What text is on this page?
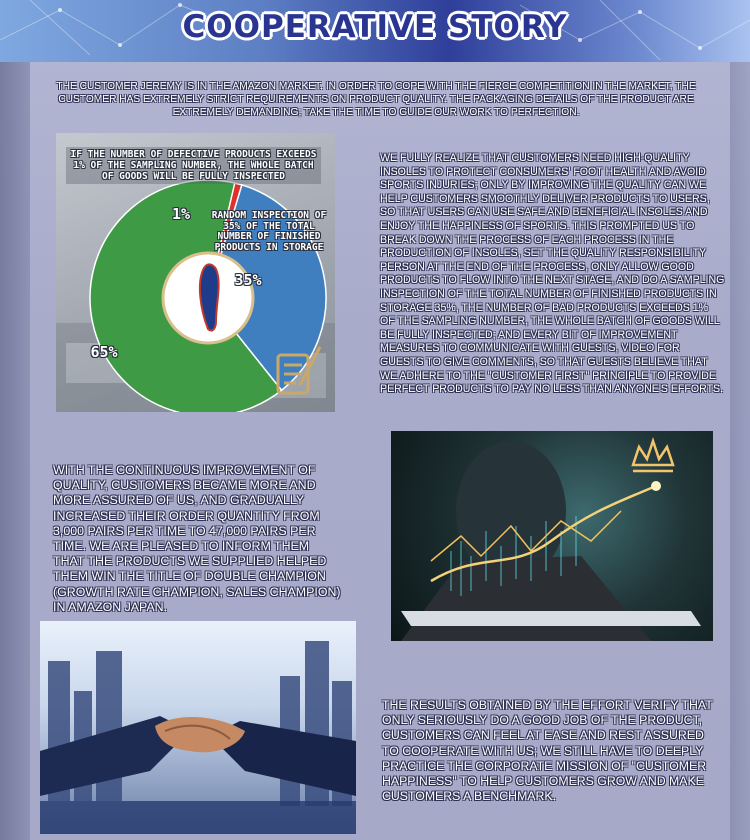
COOPERATIVE STORY
THE CUSTOMER JEREMY IS IN THE AMAZON MARKET. IN ORDER TO COPE WITH THE FIERCE COMPETITION IN THE MARKET, THE CUSTOMER HAS EXTREMELY STRICT REQUIREMENTS ON PRODUCT QUALITY. THE PACKAGING DETAILS OF THE PRODUCT ARE EXTREMELY DEMANDING; TAKE THE TIME TO GUIDE OUR WORK TO PERFECTION.
1%
35%
65%
IF THE NUMBER OF DEFECTIVE PRODUCTS EXCEEDS 1% OF THE SAMPLING NUMBER, THE WHOLE BATCH OF GOODS WILL BE FULLY INSPECTED
RANDOM INSPECTION OF 35% OF THE TOTAL NUMBER OF FINISHED PRODUCTS IN STORAGE
WE FULLY REALIZE THAT CUSTOMERS NEED HIGH-QUALITY INSOLES TO PROTECT CONSUMERS' FOOT HEALTH AND AVOID SPORTS INJURIES; ONLY BY IMPROVING THE QUALITY CAN WE HELP CUSTOMERS SMOOTHLY DELIVER PRODUCTS TO USERS, SO THAT USERS CAN USE SAFE AND BENEFICIAL INSOLES AND ENJOY THE HAPPINESS OF SPORTS. THIS PROMPTED US TO BREAK DOWN THE PROCESS OF EACH PROCESS IN THE PRODUCTION OF INSOLES, SET THE QUALITY RESPONSIBILITY PERSON AT THE END OF THE PROCESS, ONLY ALLOW GOOD PRODUCTS TO FLOW INTO THE NEXT STAGE, AND DO A SAMPLING INSPECTION OF THE TOTAL NUMBER OF FINISHED PRODUCTS IN STORAGE 35%, THE NUMBER OF BAD PRODUCTS EXCEEDS 1% OF THE SAMPLING NUMBER, THE WHOLE BATCH OF GOODS WILL BE FULLY INSPECTED; AND EVERY BIT OF IMPROVEMENT MEASURES TO COMMUNICATE WITH GUESTS, VIDEO FOR GUESTS TO GIVE COMMENTS, SO THAT GUESTS BELIEVE THAT WE ADHERE TO THE "CUSTOMER FIRST" PRINCIPLE TO PROVIDE PERFECT PRODUCTS TO PAY NO LESS THAN ANYONE'S EFFORTS.
WITH THE CONTINUOUS IMPROVEMENT OF QUALITY, CUSTOMERS BECAME MORE AND MORE ASSURED OF US, AND GRADUALLY INCREASED THEIR ORDER QUANTITY FROM 3,000 PAIRS PER TIME TO 47,000 PAIRS PER TIME. WE ARE PLEASED TO INFORM THEM THAT THE PRODUCTS WE SUPPLIED HELPED THEM WIN THE TITLE OF DOUBLE CHAMPION (GROWTH RATE CHAMPION, SALES CHAMPION) IN AMAZON JAPAN.
THE RESULTS OBTAINED BY THE EFFORT VERIFY THAT ONLY SERIOUSLY DO A GOOD JOB OF THE PRODUCT, CUSTOMERS CAN FEEL AT EASE AND REST ASSURED TO COOPERATE WITH US; WE STILL HAVE TO DEEPLY PRACTICE THE CORPORATE MISSION OF "CUSTOMER HAPPINESS" TO HELP CUSTOMERS GROW AND MAKE CUSTOMERS A BENCHMARK.
